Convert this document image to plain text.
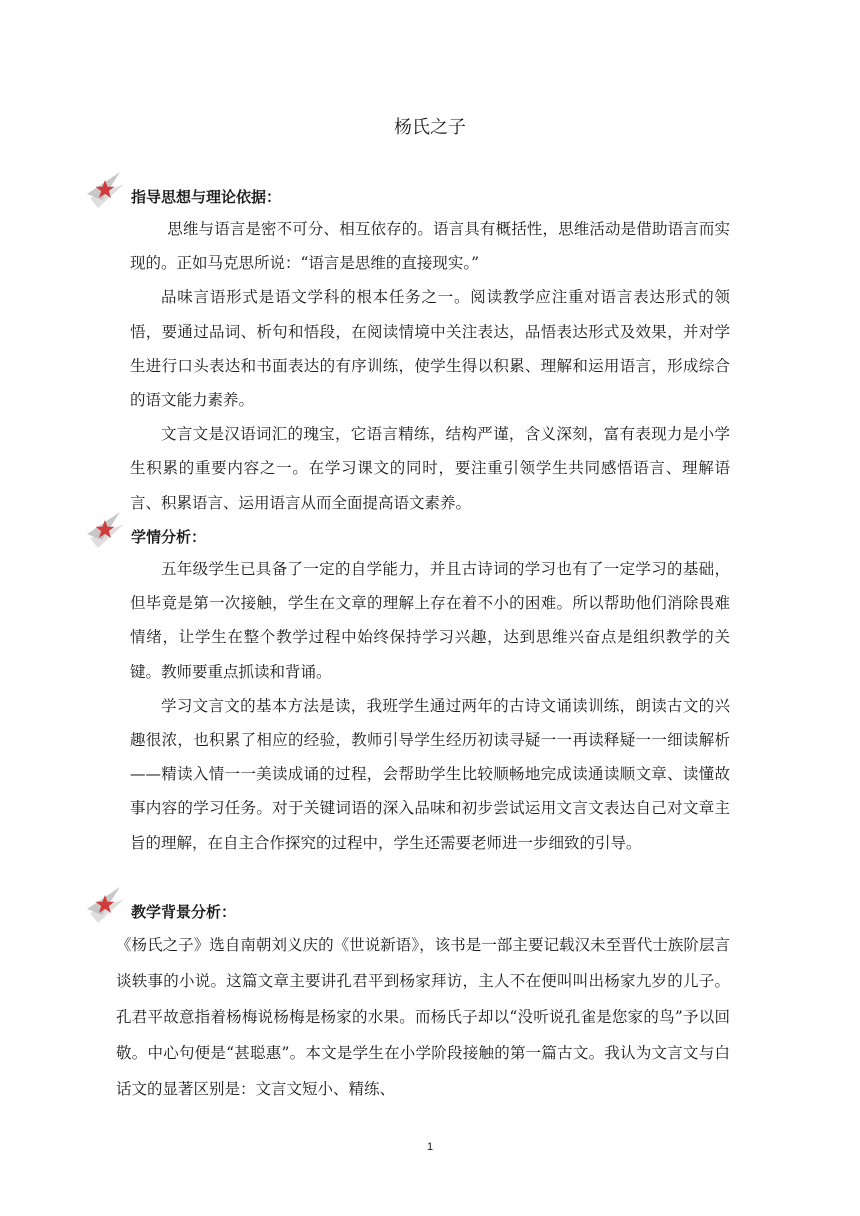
杨氏之子
指导思想与理论依据：

思维与语言是密不可分、相互依存的。语言具有概括性，思维活动是借助语言而实现的。正如马克思所说：“语言是思维的直接现实。”

品味言语形式是语文学科的根本任务之一。阅读教学应注重对语言表达形式的领悟，要通过品词、析句和悟段，在阅读情境中关注表达，品悟表达形式及效果，并对学生进行口头表达和书面表达的有序训练，使学生得以积累、理解和运用语言，形成综合的语文能力素养。

文言文是汉语词汇的瑰宝，它语言精练，结构严谨，含义深刻，富有表现力是小学生积累的重要内容之一。在学习课文的同时，要注重引领学生共同感悟语言、理解语言、积累语言、运用语言从而全面提高语文素养。

学情分析：

五年级学生已具备了一定的自学能力，并且古诗词的学习也有了一定学习的基础，但毕竟是第一次接触，学生在文章的理解上存在着不小的困难。所以帮助他们消除畏难情绪，让学生在整个教学过程中始终保持学习兴趣，达到思维兴奋点是组织教学的关键。教师要重点抓读和背诵。

学习文言文的基本方法是读，我班学生通过两年的古诗文诵读训练，朗读古文的兴趣很浓，也积累了相应的经验，教师引导学生经历初读寻疑一一再读释疑一一细读解析——精读入情一一美读成诵的过程，会帮助学生比较顺畅地完成读通读顺文章、读懂故事内容的学习任务。对于关键词语的深入品味和初步尝试运用文言文表达自己对文章主旨的理解，在自主合作探究的过程中，学生还需要老师进一步细致的引导。

教学背景分析：

《杨氏之子》选自南朝刘义庆的《世说新语》，该书是一部主要记载汉未至晋代士族阶层言谈轶事的小说。这篇文章主要讲孔君平到杨家拜访，主人不在便叫叫出杨家九岁的儿子。孔君平故意指着杨梅说杨梅是杨家的水果。而杨氏子却以“没听说孔雀是您家的鸟”予以回敬。中心句便是“甚聪惠”。本文是学生在小学阶段接触的第一篇古文。我认为文言文与白话文的显著区别是：文言文短小、精练、

1
